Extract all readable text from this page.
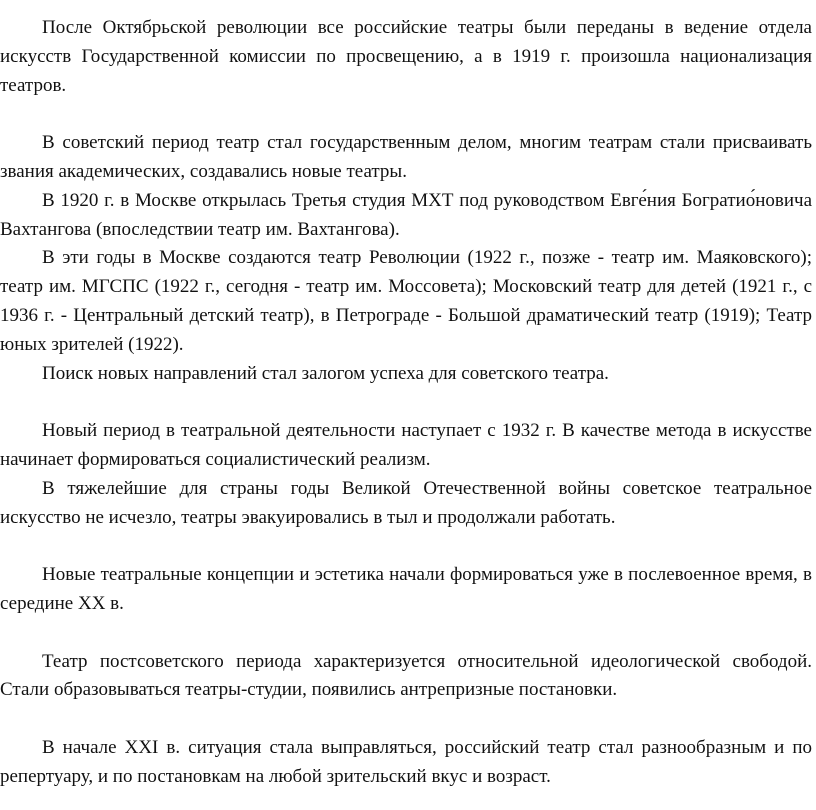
После Октябрьской революции все российские театры были переданы в ведение отдела искусств Государственной комиссии по просвещению, а в 1919 г. произошла национализация театров.

В советский период театр стал государственным делом, многим театрам стали присваивать звания академических, создавались новые театры.

В 1920 г. в Москве открылась Третья студия МХТ под руководством Евге́ния Богратио́новича Вахтангова (впоследствии театр им. Вахтангова).

В эти годы в Москве создаются театр Революции (1922 г., позже - театр им. Маяковского); театр им. МГСПС (1922 г., сегодня - театр им. Моссовета); Московский театр для детей (1921 г., с 1936 г. - Центральный детский театр), в Петрограде - Большой драматический театр (1919); Театр юных зрителей (1922).

Поиск новых направлений стал залогом успеха для советского театра.

Новый период в театральной деятельности наступает с 1932 г. В качестве метода в искусстве начинает формироваться социалистический реализм.

В тяжелейшие для страны годы Великой Отечественной войны советское театральное искусство не исчезло, театры эвакуировались в тыл и продолжали работать.

Новые театральные концепции и эстетика начали формироваться уже в послевоенное время, в середине XX в.

Театр постсоветского периода характеризуется относительной идеологической свободой. Стали образовываться театры-студии, появились антрепризные постановки.

В начале XXI в. ситуация стала выправляться, российский театр стал разнообразным и по репертуару, и по постановкам на любой зрительский вкус и возраст.
